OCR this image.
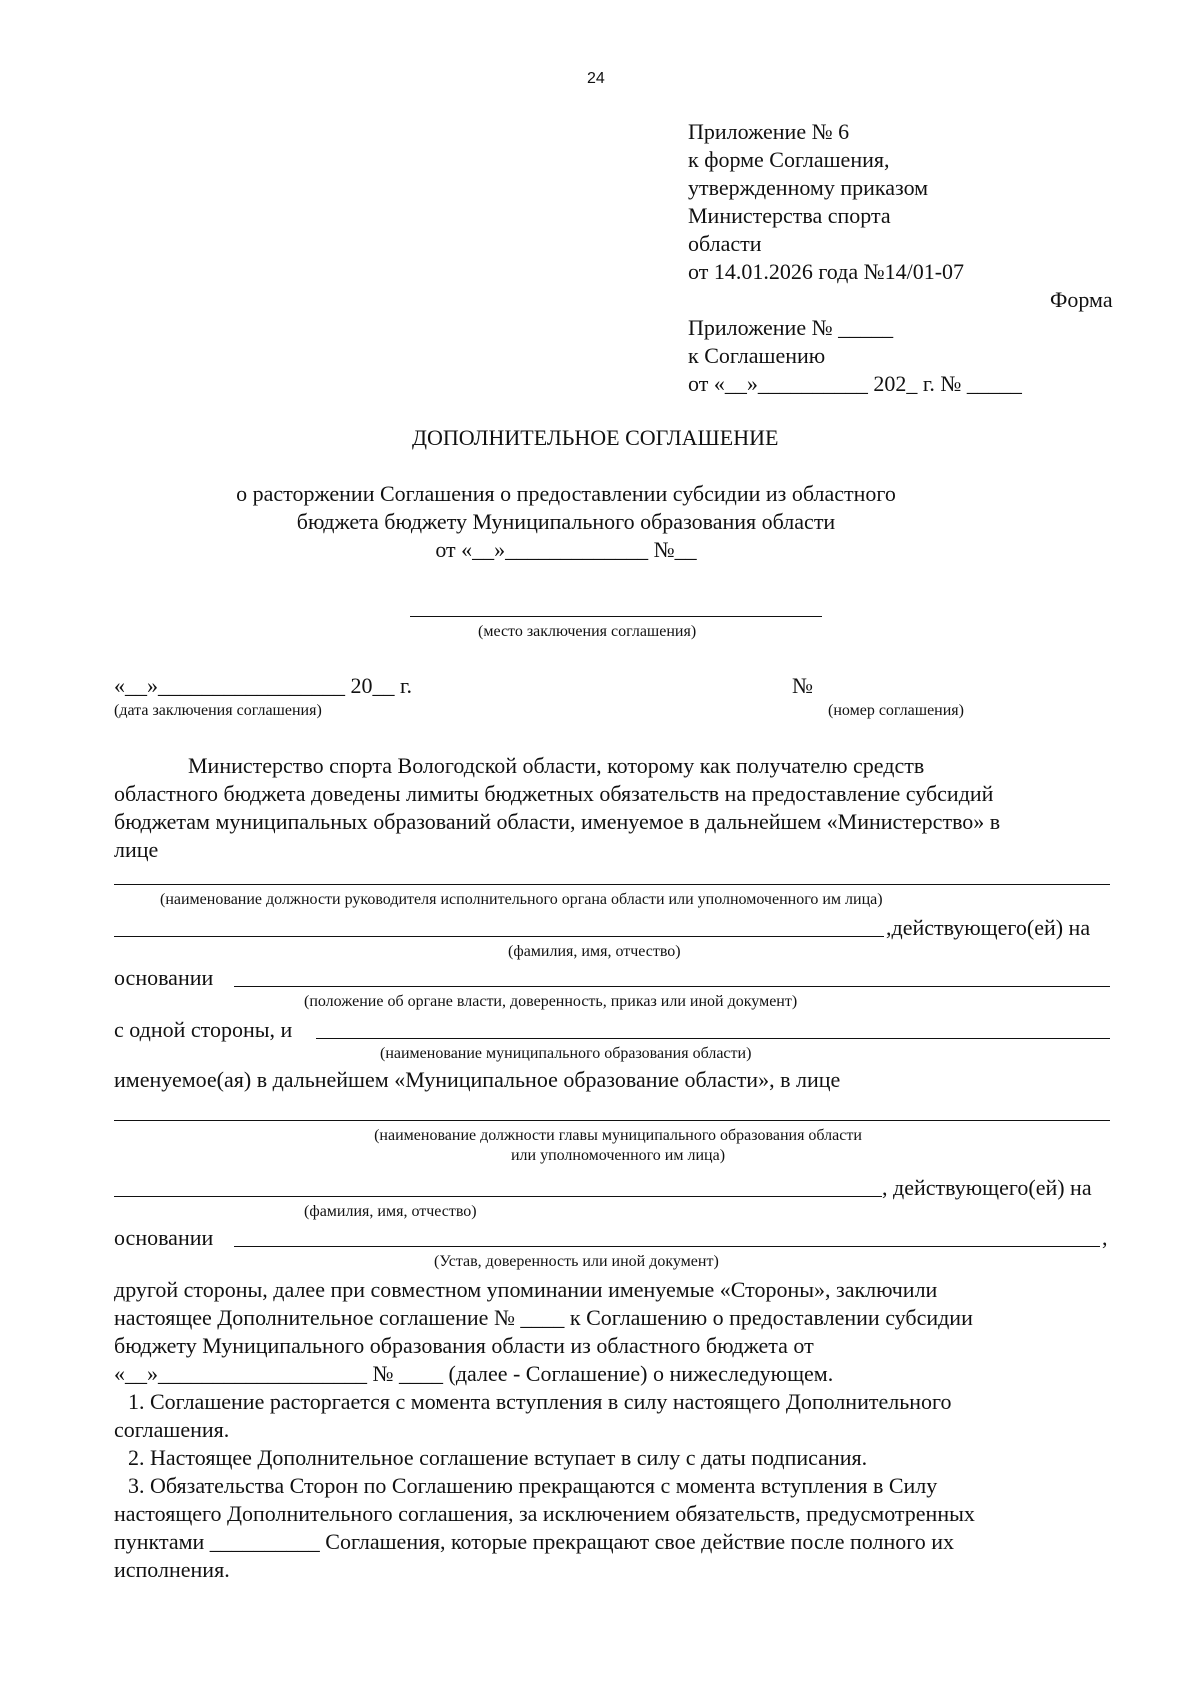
24
Приложение № 6
к форме Соглашения,
утвержденному приказом
Министерства спорта
области
от 14.01.2026 года №14/01-07
Форма
Приложение № _____
к Соглашению
от «__»__________ 202_ г. № _____
ДОПОЛНИТЕЛЬНОЕ СОГЛАШЕНИЕ
о расторжении Соглашения о предоставлении субсидии из областного
бюджета бюджету Муниципального образования области
от «__»_____________ №__
(место заключения соглашения)
«__»_________________ 20__ г.
(дата заключения соглашения)
№
(номер соглашения)
Министерство спорта Вологодской области, которому как получателю средств
областного бюджета доведены лимиты бюджетных обязательств на предоставление субсидий
бюджетам муниципальных образований области, именуемое в дальнейшем «Министерство» в
лице
(наименование должности руководителя исполнительного органа области или уполномоченного им лица)
,действующего(ей) на
(фамилия, имя, отчество)
основании
(положение об органе власти, доверенность, приказ или иной документ)
с одной стороны, и
(наименование муниципального образования области)
именуемое(ая) в дальнейшем «Муниципальное образование области», в лице
(наименование должности главы муниципального образования области
или уполномоченного им лица)
, действующего(ей) на
(фамилия, имя, отчество)
основании	,
(Устав, доверенность или иной документ)
другой стороны, далее при совместном упоминании именуемые «Стороны», заключили
настоящее Дополнительное соглашение № ____ к Соглашению о предоставлении субсидии
бюджету Муниципального образования области из областного бюджета от
«__»___________________ № ____ (далее - Соглашение) о нижеследующем.
1. Соглашение расторгается с момента вступления в силу настоящего Дополнительного
соглашения.
2. Настоящее Дополнительное соглашение вступает в силу с даты подписания.
3. Обязательства Сторон по Соглашению прекращаются с момента вступления в Силу
настоящего Дополнительного соглашения, за исключением обязательств, предусмотренных
пунктами __________ Соглашения, которые прекращают свое действие после полного их
исполнения.
